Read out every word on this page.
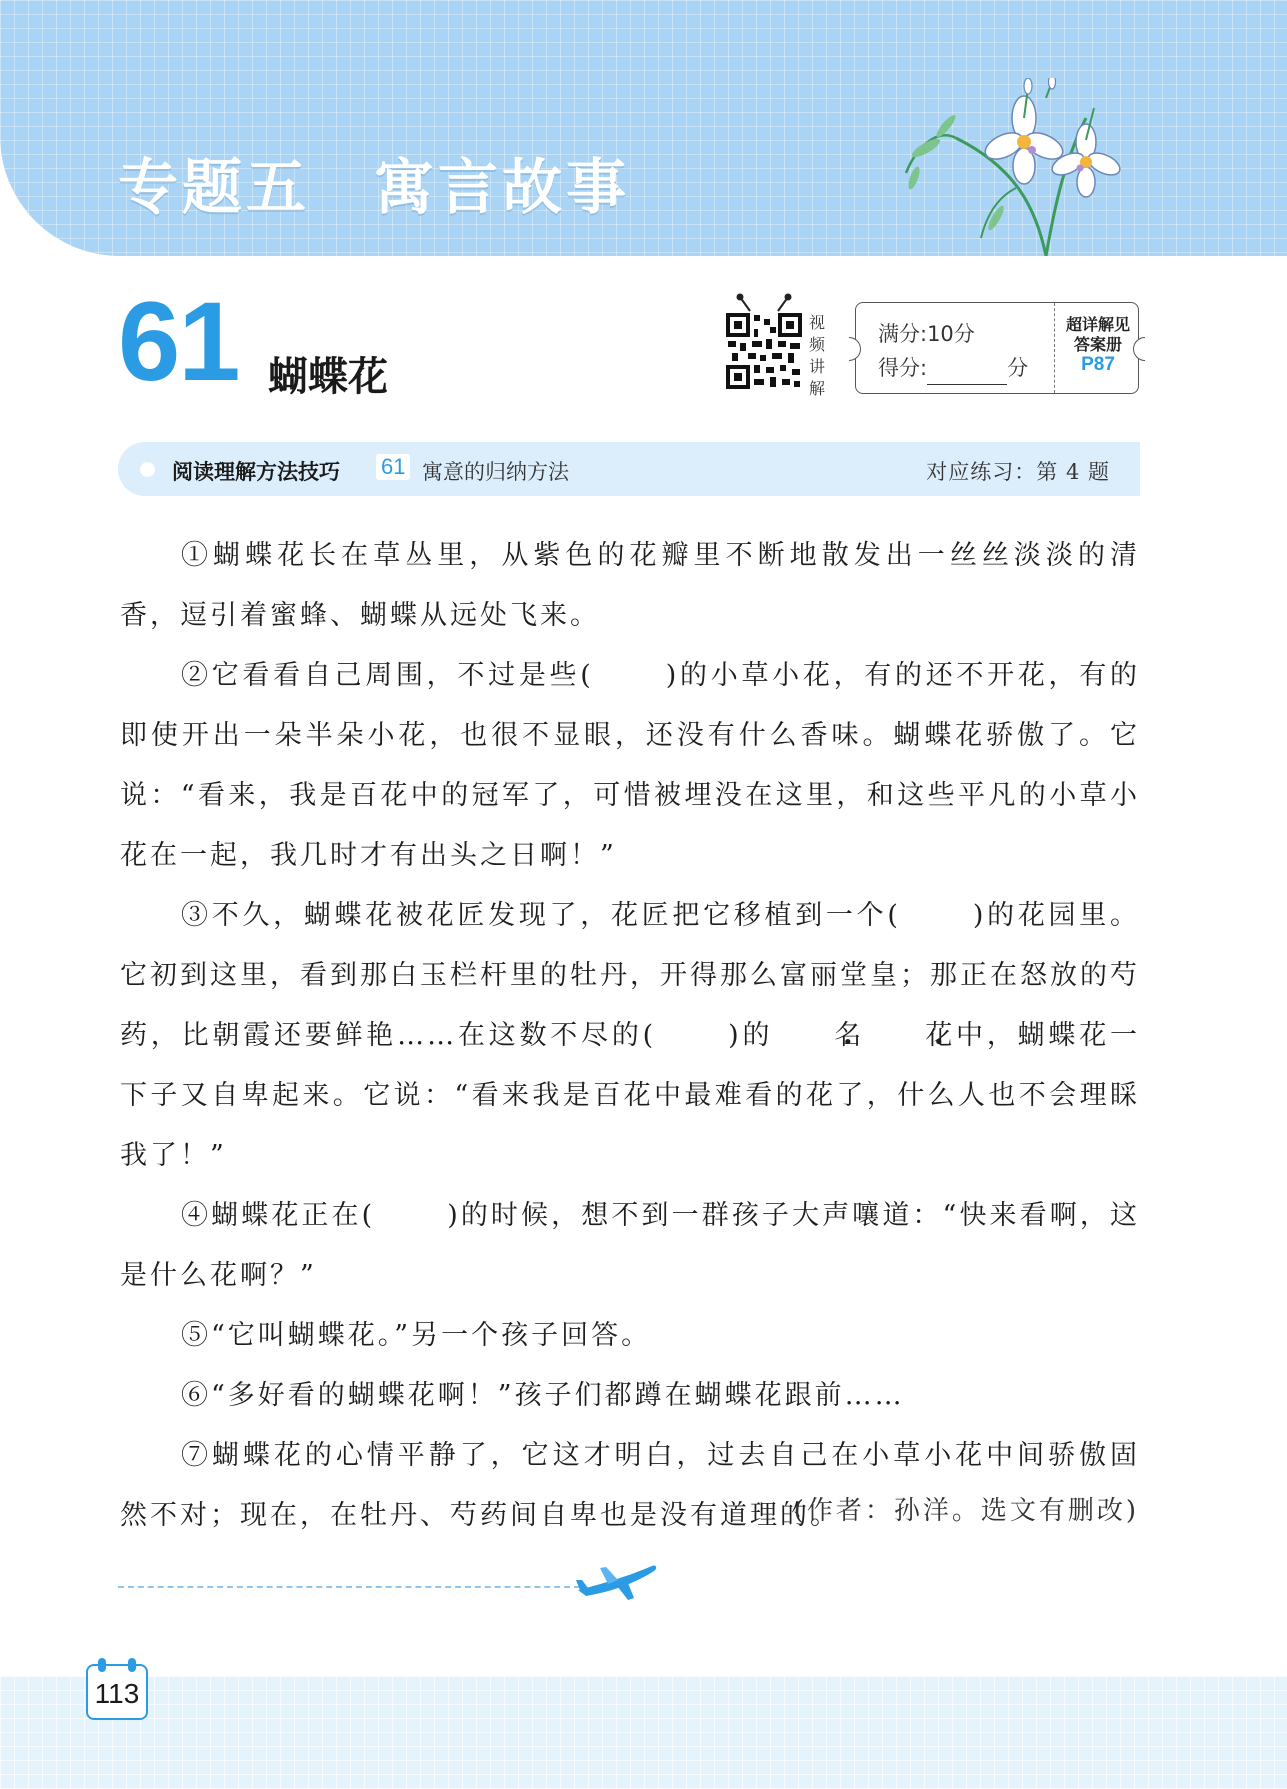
专题五　寓言故事
61 蝴蝶花
视
频
讲
解
满分:10分
得分:	分
超详解见
答案册
P87
阅读理解方法技巧 61 寓意的归纳方法	对应练习：第 4 题

①蝴蝶花长在草丛里，从紫色的花瓣里不断地散发出一丝丝淡淡的清香，逗引着蜜蜂、蝴蝶从远处飞来。

②它看看自己周围，不过是些(	)的小草小花，有的还不开花，有的即使开出一朵半朵小花，也很不显眼，还没有什么香味。蝴蝶花骄傲了。它说：“看来，我是百花中的冠军了，可惜被埋没在这里，和这些平凡的小草小花在一起，我几时才有出头之日啊！”

③不久，蝴蝶花被花匠发现了，花匠把它移植到一个(	)的花园里。它初到这里，看到那白玉栏杆里的牡丹，开得那么富丽堂皇；那正在怒放的芍药，比朝霞还要鲜艳……在这数不尽的(	)的 名 • 花 •中，蝴蝶花一下子又自卑起来。它说：“看来我是百花中最难看的花了，什么人也不会理睬我了！”

④蝴蝶花正在(	)的时候，想不到一群孩子大声嚷道：“快来看啊，这是什么花啊？”

⑤“它叫蝴蝶花。”另一个孩子回答。

⑥“多好看的蝴蝶花啊！”孩子们都蹲在蝴蝶花跟前……

⑦蝴蝶花的心情平静了，它这才明白，过去自己在小草小花中间骄傲固然不对；现在，在牡丹、芍药间自卑也是没有道理的。

(作者：孙洋。选文有删改)
113
